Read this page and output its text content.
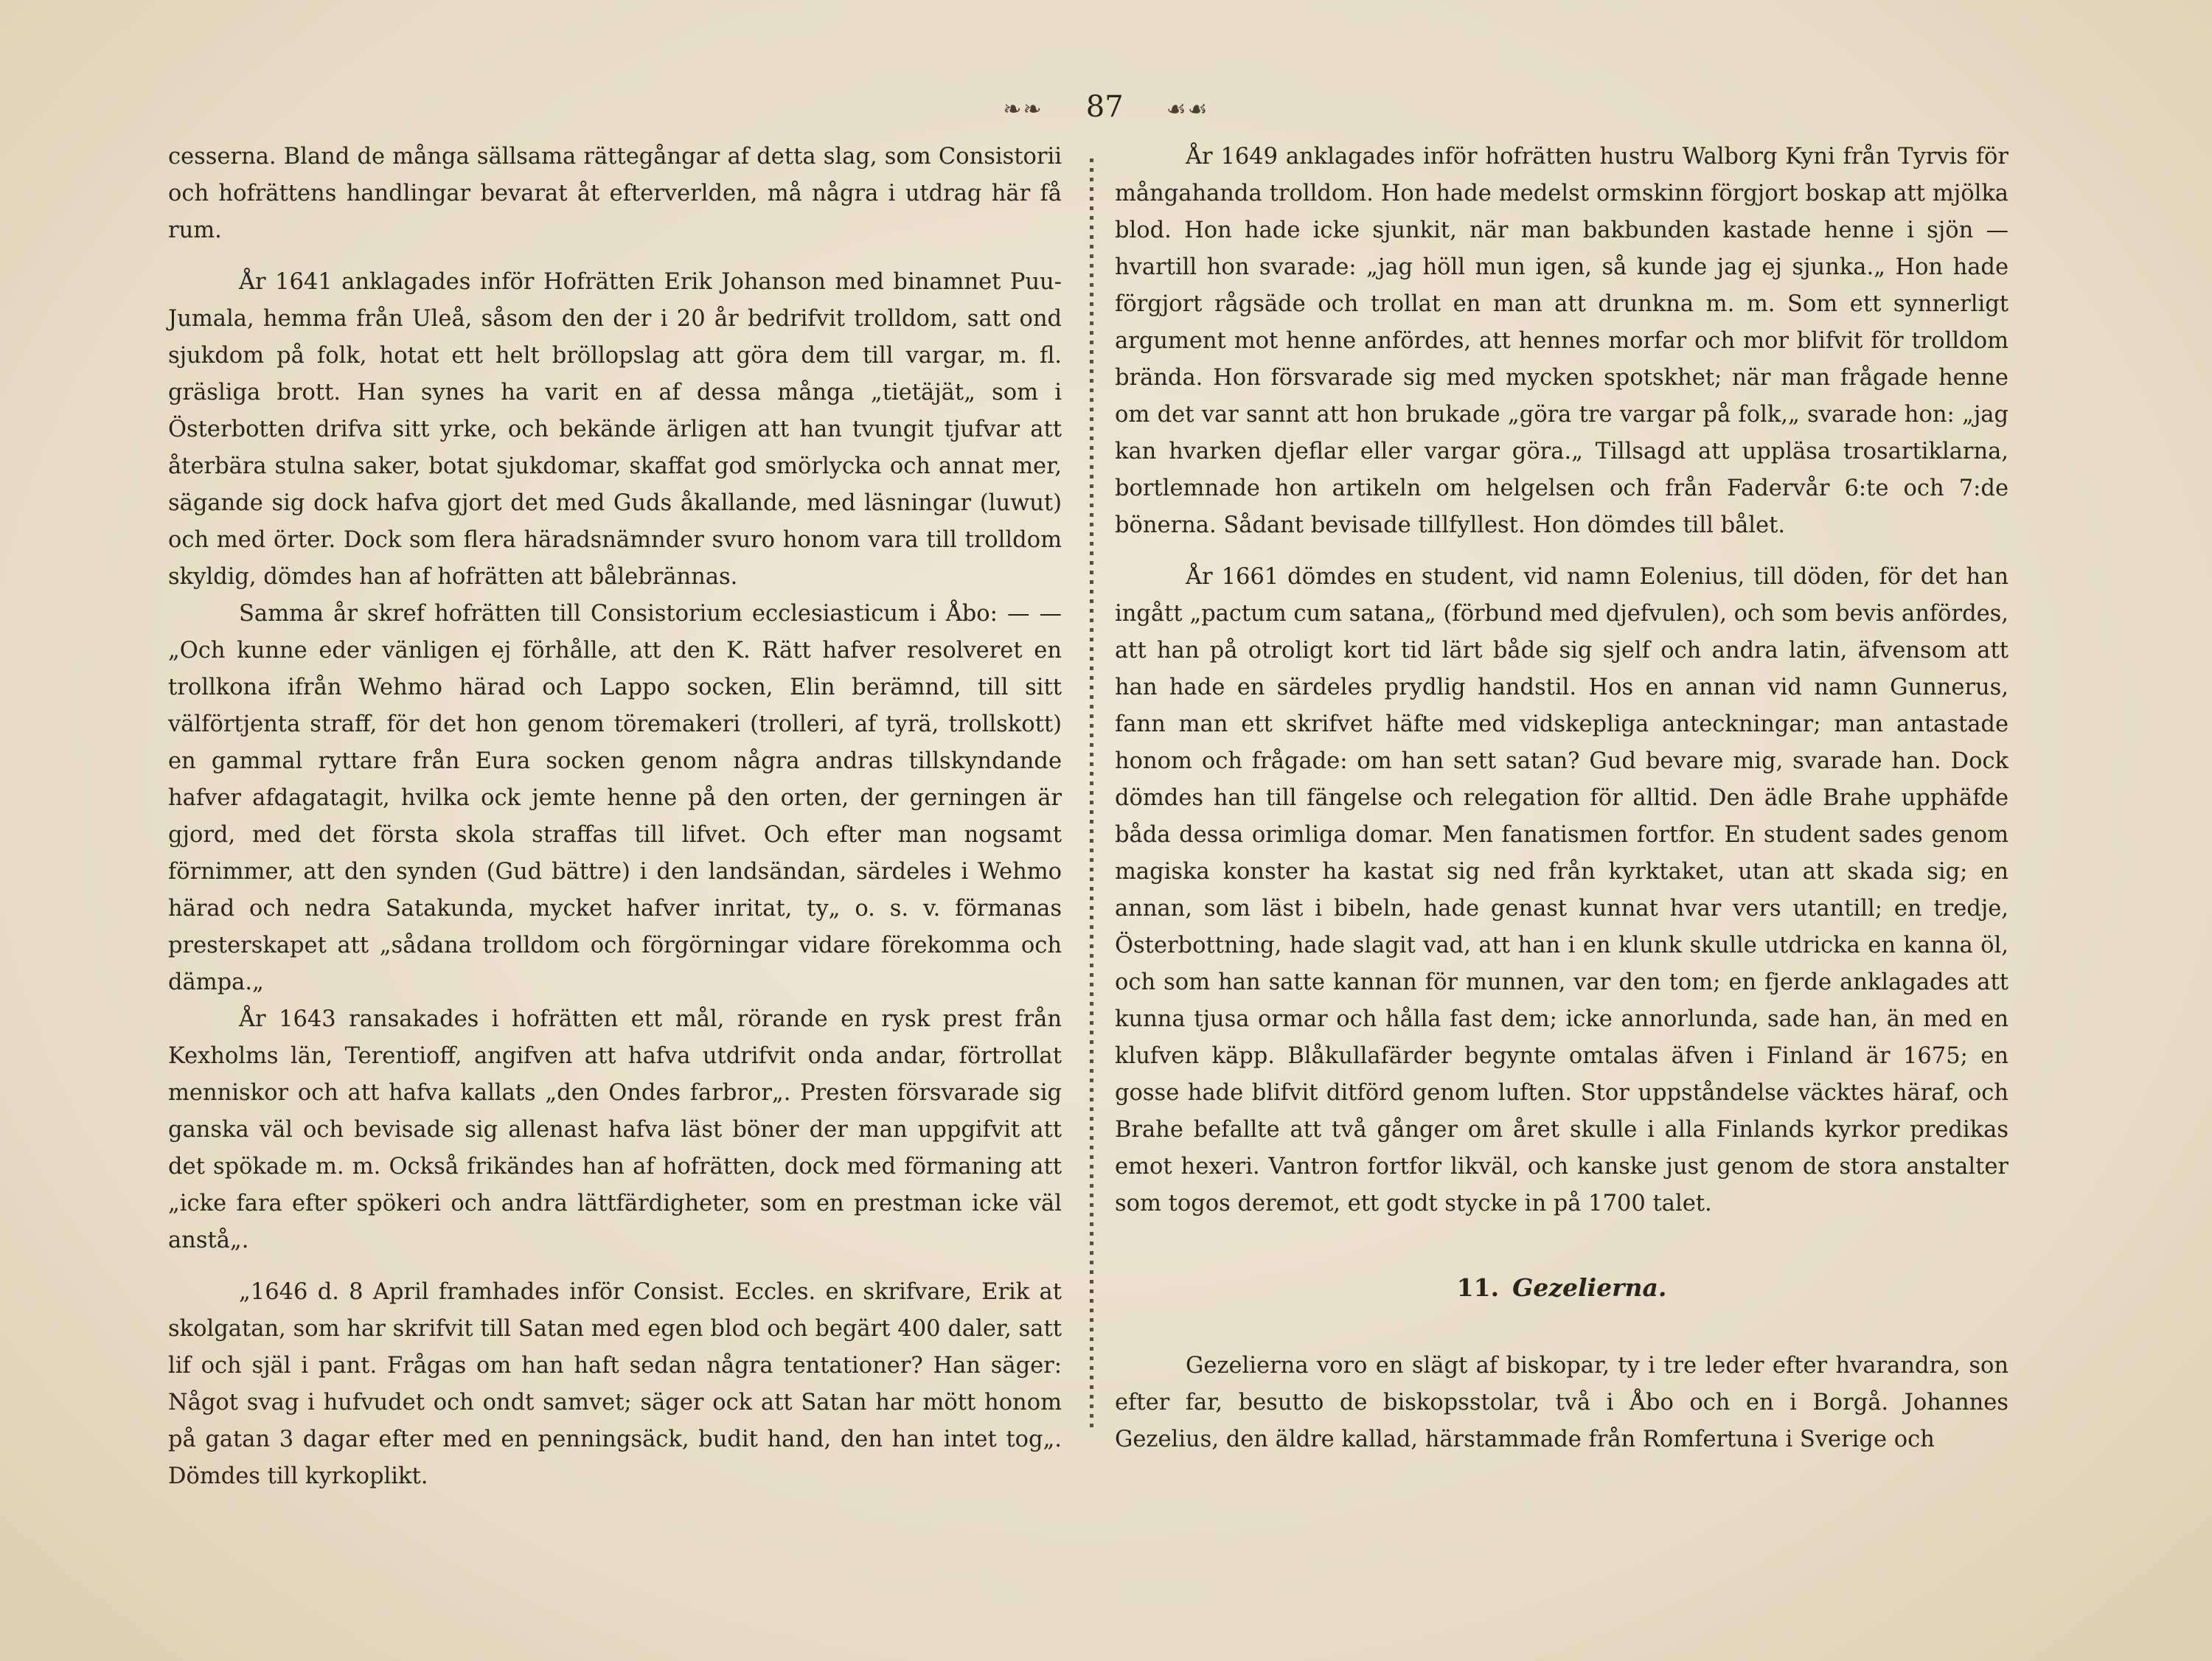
❧❧ 87 ☙☙

cesserna. Bland de många sällsama rättegångar af detta slag, som Consistorii och hofrättens handlingar bevarat åt efterverlden, må några i utdrag här få rum.

År 1641 anklagades inför Hofrätten Erik Johanson med binamnet Puu-Jumala, hemma från Uleå, såsom den der i 20 år bedrifvit trolldom, satt ond sjukdom på folk, hotat ett helt bröllopslag att göra dem till vargar, m. fl. gräsliga brott. Han synes ha varit en af dessa många „tietäjät„ som i Österbotten drifva sitt yrke, och bekände ärligen att han tvungit tjufvar att återbära stulna saker, botat sjukdomar, skaffat god smörlycka och annat mer, sägande sig dock hafva gjort det med Guds åkallande, med läsningar (luwut) och med örter. Dock som flera häradsnämnder svuro honom vara till trolldom skyldig, dömdes han af hofrätten att bålebrännas.

Samma år skref hofrätten till Consistorium ecclesiasticum i Åbo: — — „Och kunne eder vänligen ej förhålle, att den K. Rätt hafver resolveret en trollkona ifrån Wehmo härad och Lappo socken, Elin berämnd, till sitt välförtjenta straff, för det hon genom töremakeri (trolleri, af tyrä, trollskott) en gammal ryttare från Eura socken genom några andras tillskyndande hafver afdagatagit, hvilka ock jemte henne på den orten, der gerningen är gjord, med det första skola straffas till lifvet. Och efter man nogsamt förnimmer, att den synden (Gud bättre) i den landsändan, särdeles i Wehmo härad och nedra Satakunda, mycket hafver inritat, ty„ o. s. v. förmanas presterskapet att „sådana trolldom och förgörningar vidare förekomma och dämpa.„

År 1643 ransakades i hofrätten ett mål, rörande en rysk prest från Kexholms län, Terentioff, angifven att hafva utdrifvit onda andar, förtrollat menniskor och att hafva kallats „den Ondes farbror„. Presten försvarade sig ganska väl och bevisade sig allenast hafva läst böner der man uppgifvit att det spökade m. m. Också frikändes han af hofrätten, dock med förmaning att „icke fara efter spökeri och andra lättfärdigheter, som en prestman icke väl anstå„.

„1646 d. 8 April framhades inför Consist. Eccles. en skrifvare, Erik at skolgatan, som har skrifvit till Satan med egen blod och begärt 400 daler, satt lif och själ i pant. Frågas om han haft sedan några tentationer? Han säger: Något svag i hufvudet och ondt samvet; säger ock att Satan har mött honom på gatan 3 dagar efter med en penningsäck, budit hand, den han intet tog„. Dömdes till kyrkoplikt.

År 1649 anklagades inför hofrätten hustru Walborg Kyni från Tyrvis för mångahanda trolldom. Hon hade medelst ormskinn förgjort boskap att mjölka blod. Hon hade icke sjunkit, när man bakbunden kastade henne i sjön — hvartill hon svarade: „jag höll mun igen, så kunde jag ej sjunka.„ Hon hade förgjort rågsäde och trollat en man att drunkna m. m. Som ett synnerligt argument mot henne anfördes, att hennes morfar och mor blifvit för trolldom brända. Hon försvarade sig med mycken spotskhet; när man frågade henne om det var sannt att hon brukade „göra tre vargar på folk,„ svarade hon: „jag kan hvarken djeflar eller vargar göra.„ Tillsagd att uppläsa trosartiklarna, bortlemnade hon artikeln om helgelsen och från Fadervår 6:te och 7:de bönerna. Sådant bevisade tillfyllest. Hon dömdes till bålet.

År 1661 dömdes en student, vid namn Eolenius, till döden, för det han ingått „pactum cum satana„ (förbund med djefvulen), och som bevis anfördes, att han på otroligt kort tid lärt både sig sjelf och andra latin, äfvensom att han hade en särdeles prydlig handstil. Hos en annan vid namn Gunnerus, fann man ett skrifvet häfte med vidskepliga anteckningar; man antastade honom och frågade: om han sett satan? Gud bevare mig, svarade han. Dock dömdes han till fängelse och relegation för alltid. Den ädle Brahe upphäfde båda dessa orimliga domar. Men fanatismen fortfor. En student sades genom magiska konster ha kastat sig ned från kyrktaket, utan att skada sig; en annan, som läst i bibeln, hade genast kunnat hvar vers utantill; en tredje, Österbottning, hade slagit vad, att han i en klunk skulle utdricka en kanna öl, och som han satte kannan för munnen, var den tom; en fjerde anklagades att kunna tjusa ormar och hålla fast dem; icke annorlunda, sade han, än med en klufven käpp. Blåkullafärder begynte omtalas äfven i Finland är 1675; en gosse hade blifvit ditförd genom luften. Stor uppståndelse väcktes häraf, och Brahe befallte att två gånger om året skulle i alla Finlands kyrkor predikas emot hexeri. Vantron fortfor likväl, och kanske just genom de stora anstalter som togos deremot, ett godt stycke in på 1700 talet.

11. Gezelierna.

Gezelierna voro en slägt af biskopar, ty i tre leder efter hvarandra, son efter far, besutto de biskopsstolar, två i Åbo och en i Borgå. Johannes Gezelius, den äldre kallad, härstammade från Romfertuna i Sverige och
